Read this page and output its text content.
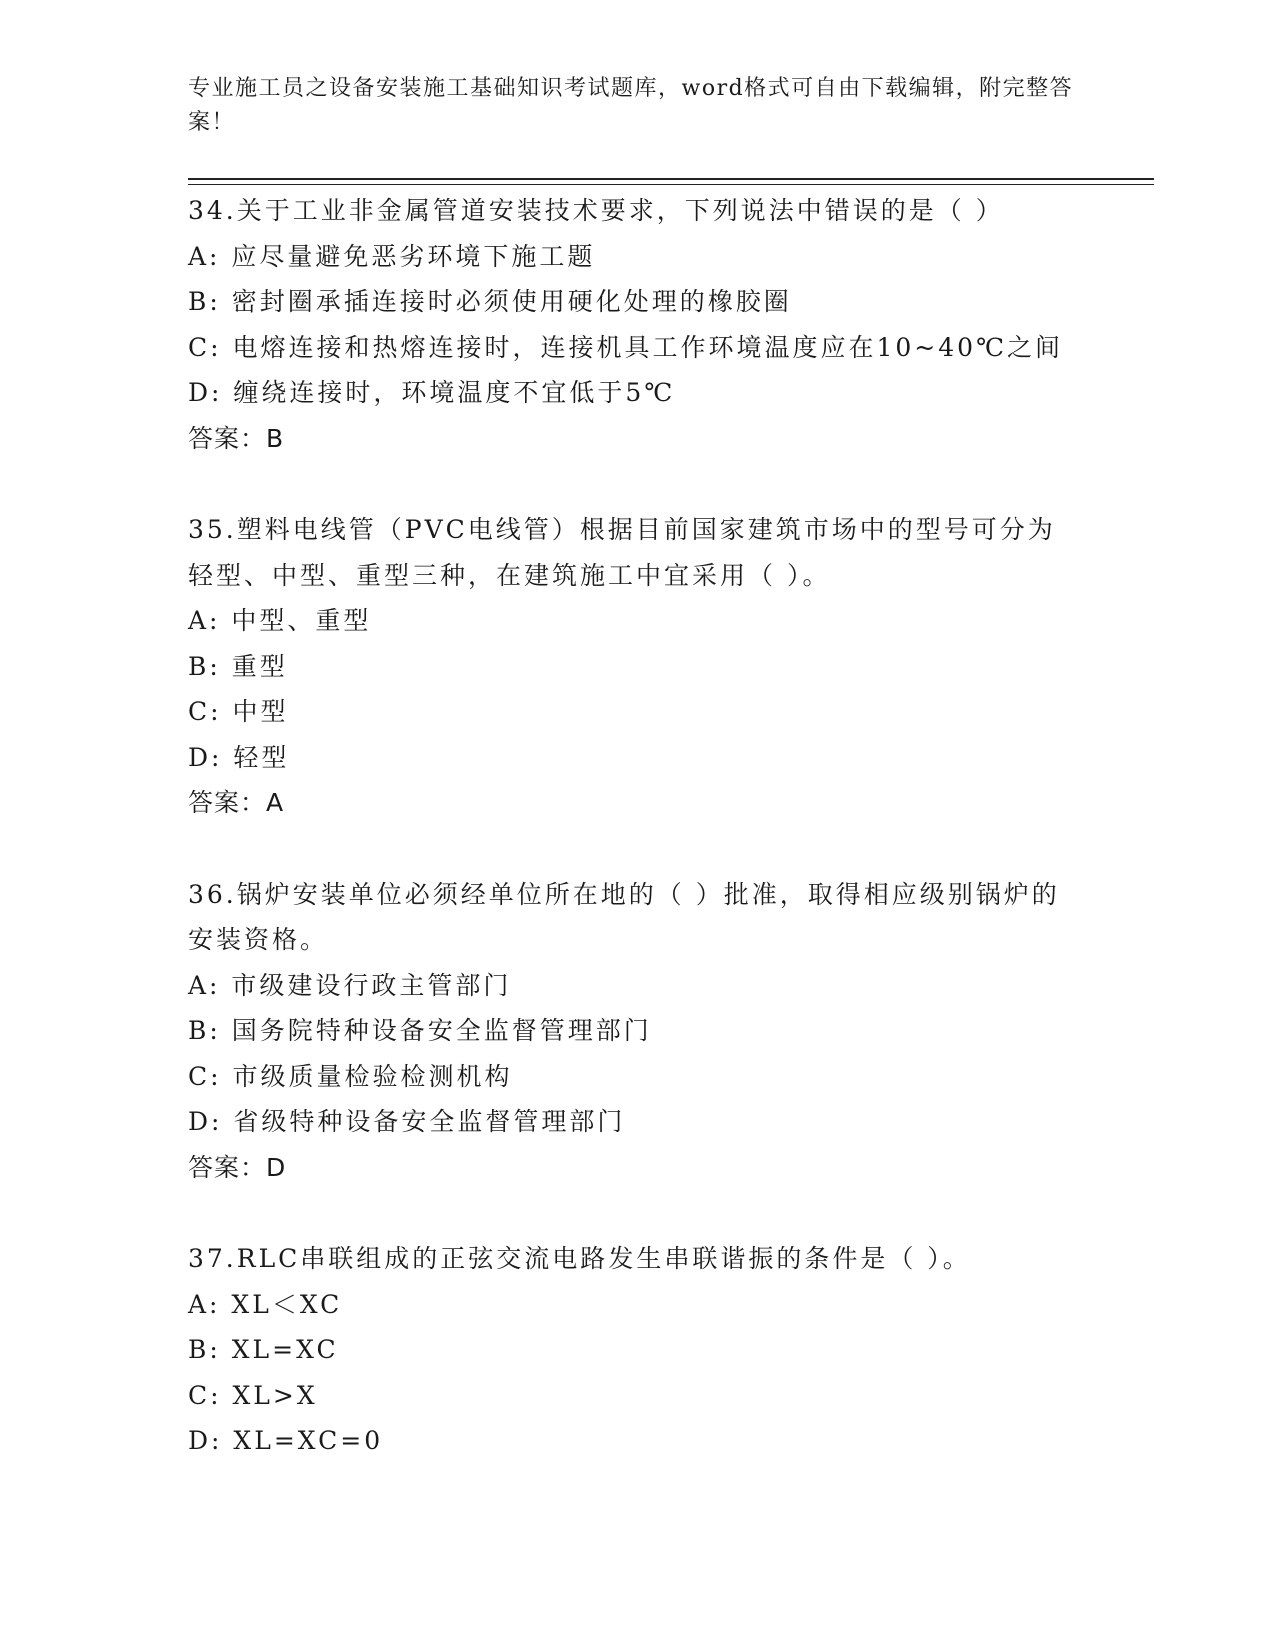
专业施工员之设备安装施工基础知识考试题库，word格式可自由下载编辑，附完整答案！
34.关于工业非金属管道安装技术要求，下列说法中错误的是（ ）
A: 应尽量避免恶劣环境下施工题
B: 密封圈承插连接时必须使用硬化处理的橡胶圈
C: 电熔连接和热熔连接时，连接机具工作环境温度应在10~40℃之间
D: 缠绕连接时，环境温度不宜低于5℃
答案：B
35.塑料电线管（PVC电线管）根据目前国家建筑市场中的型号可分为轻型、中型、重型三种，在建筑施工中宜采用（ ）。
A: 中型、重型
B: 重型
C: 中型
D: 轻型
答案：A
36.锅炉安装单位必须经单位所在地的（ ）批准，取得相应级别锅炉的安装资格。
A: 市级建设行政主管部门
B: 国务院特种设备安全监督管理部门
C: 市级质量检验检测机构
D: 省级特种设备安全监督管理部门
答案：D
37.RLC串联组成的正弦交流电路发生串联谐振的条件是（ ）。
A: XL＜XC
B: XL=XC
C: XL>X
D: XL=XC=0
